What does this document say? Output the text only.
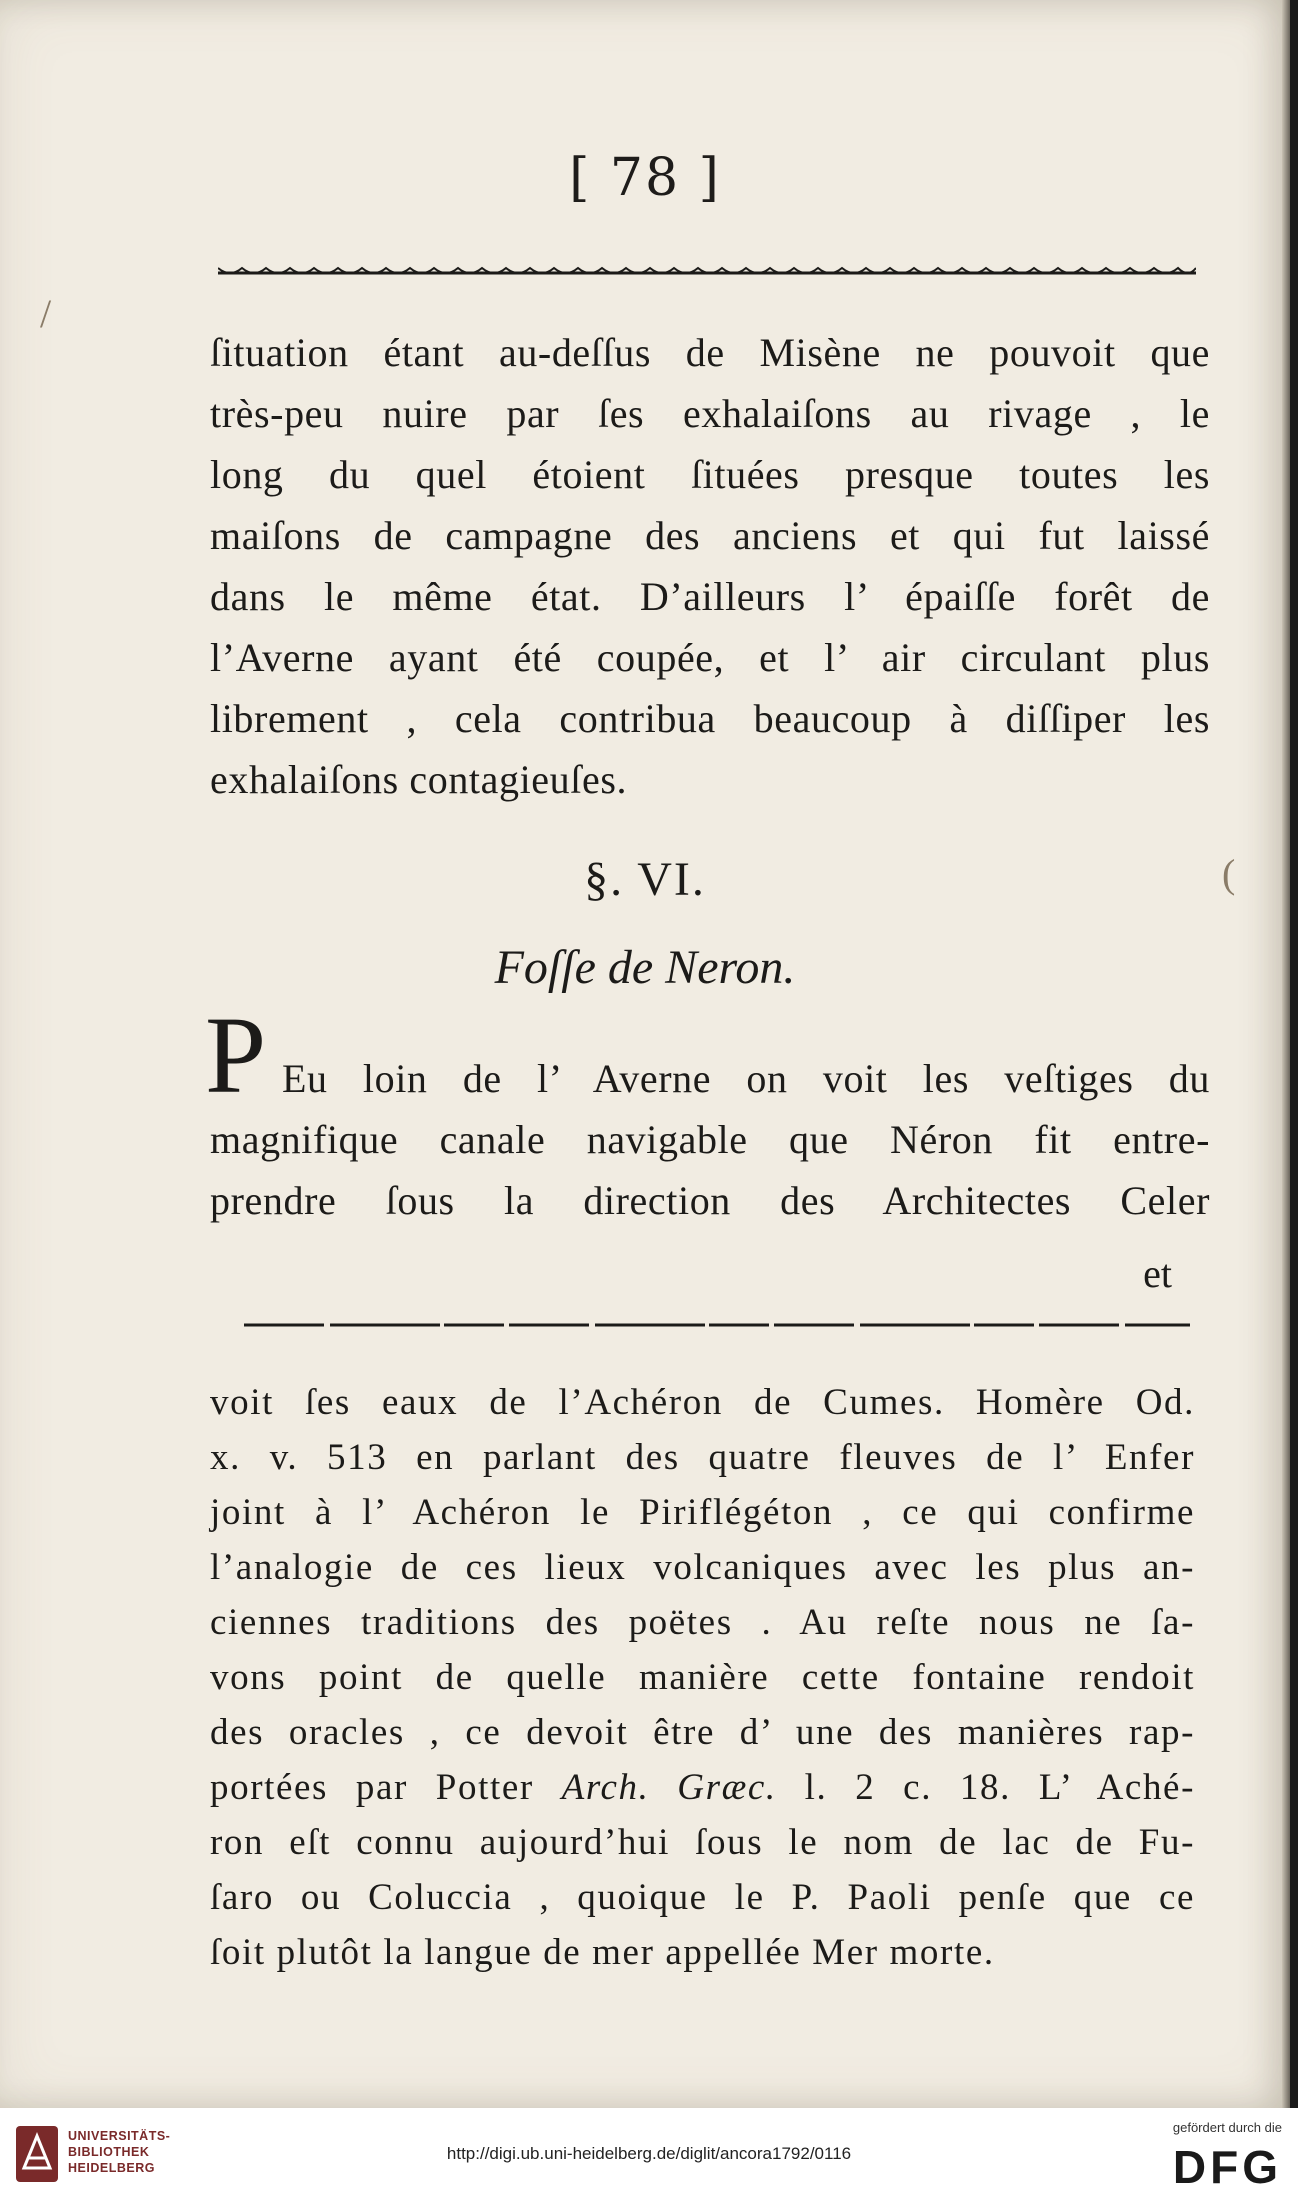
[ 78 ]
ſituation étant au-deſſus de Misène ne pouvoit que
très-peu nuire par ſes exhalaiſons au rivage , le
long du quel étoient ſituées presque toutes les
maiſons de campagne des anciens et qui fut laissé
dans le même état. D’ailleurs l’ épaiſſe forêt de
l’Averne ayant été coupée, et l’ air circulant plus
librement , cela contribua beaucoup à diſſiper les
exhalaiſons contagieuſes.
§. VI.
Foſſe de Neron.
P Eu loin de l’ Averne on voit les veſtiges du
magnifique canale navigable que Néron fit entre-
prendre ſous la direction des Architectes Celer
et
voit ſes eaux de l’Achéron de Cumes. Homère Od.
x. v. 513 en parlant des quatre fleuves de l’ Enfer
joint à l’ Achéron le Piriflégéton , ce qui confirme
l’analogie de ces lieux volcaniques avec les plus an-
ciennes traditions des poëtes . Au reſte nous ne ſa-
vons point de quelle manière cette fontaine rendoit
des oracles , ce devoit être d’ une des manières rap-
portées par Potter Arch. Græc. l. 2 c. 18. L’ Aché-
ron eſt connu aujourd’hui ſous le nom de lac de Fu-
ſaro ou Coluccia , quoique le P. Paoli penſe que ce
ſoit plutôt la langue de mer appellée Mer morte.
/
(
UNIVERSITÄTS-
BIBLIOTHEK
HEIDELBERG
http://digi.ub.uni-heidelberg.de/diglit/ancora1792/0116
gefördert durch die
DFG
